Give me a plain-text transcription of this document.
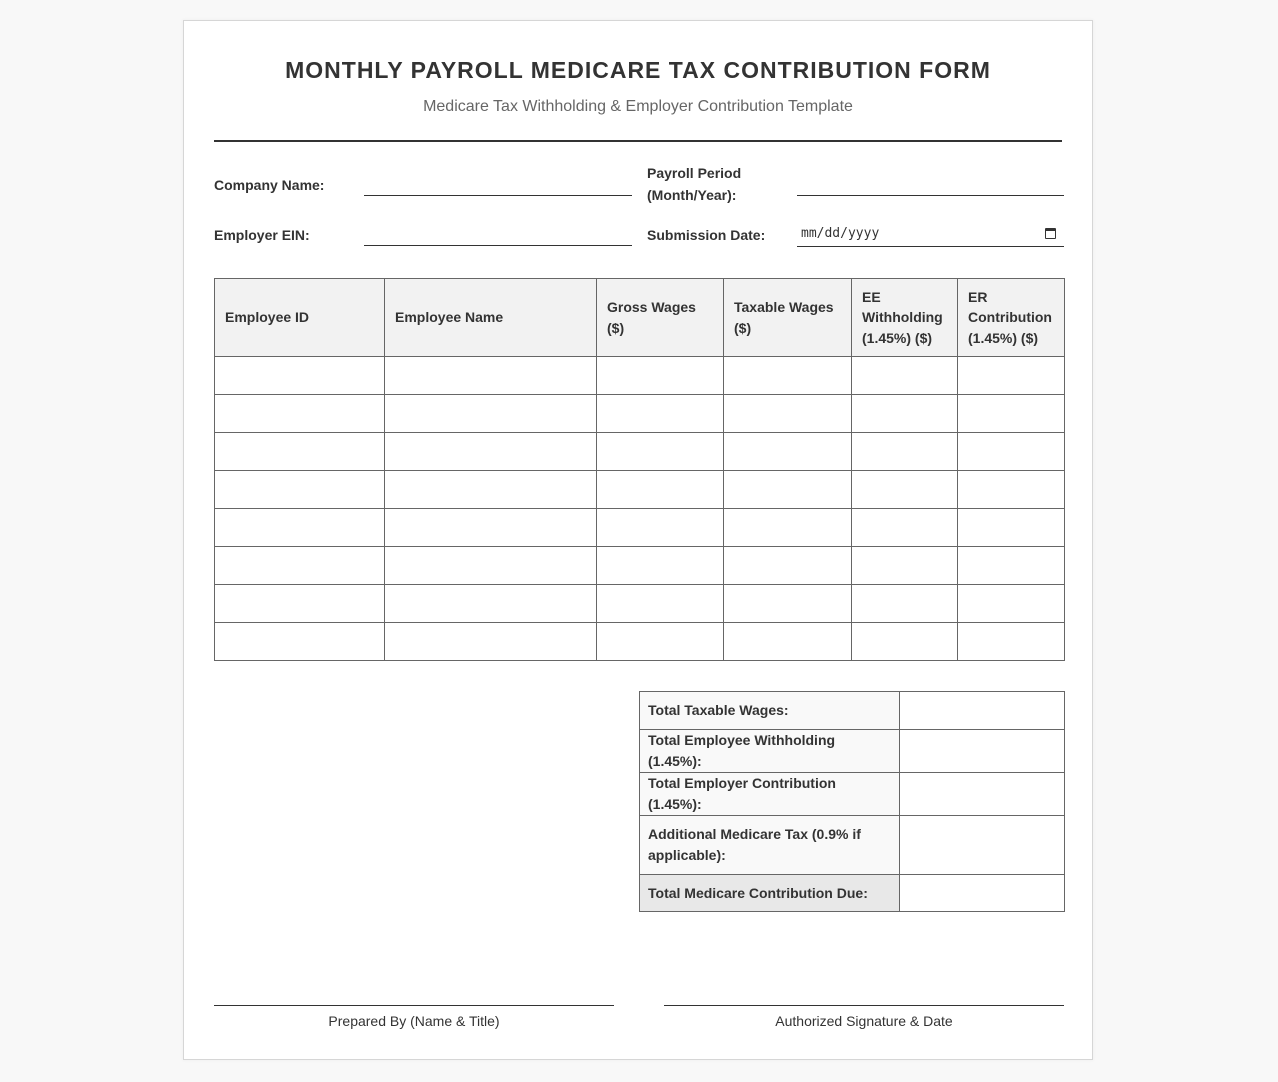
MONTHLY PAYROLL MEDICARE TAX CONTRIBUTION FORM
Medicare Tax Withholding & Employer Contribution Template
Company Name:
Payroll Period
(Month/Year):
Employer EIN:	Submission Date:	mm/dd/yyyy
Employee ID	Employee Name	Gross Wages ($)	Taxable Wages ($)	EE Withholding (1.45%) ($)	ER Contribution (1.45%) ($)

Total Taxable Wages:	
Total Employee Withholding (1.45%):	
Total Employer Contribution (1.45%):	
Additional Medicare Tax (0.9% if applicable):	
Total Medicare Contribution Due:	
Prepared By (Name & Title)	Authorized Signature & Date
